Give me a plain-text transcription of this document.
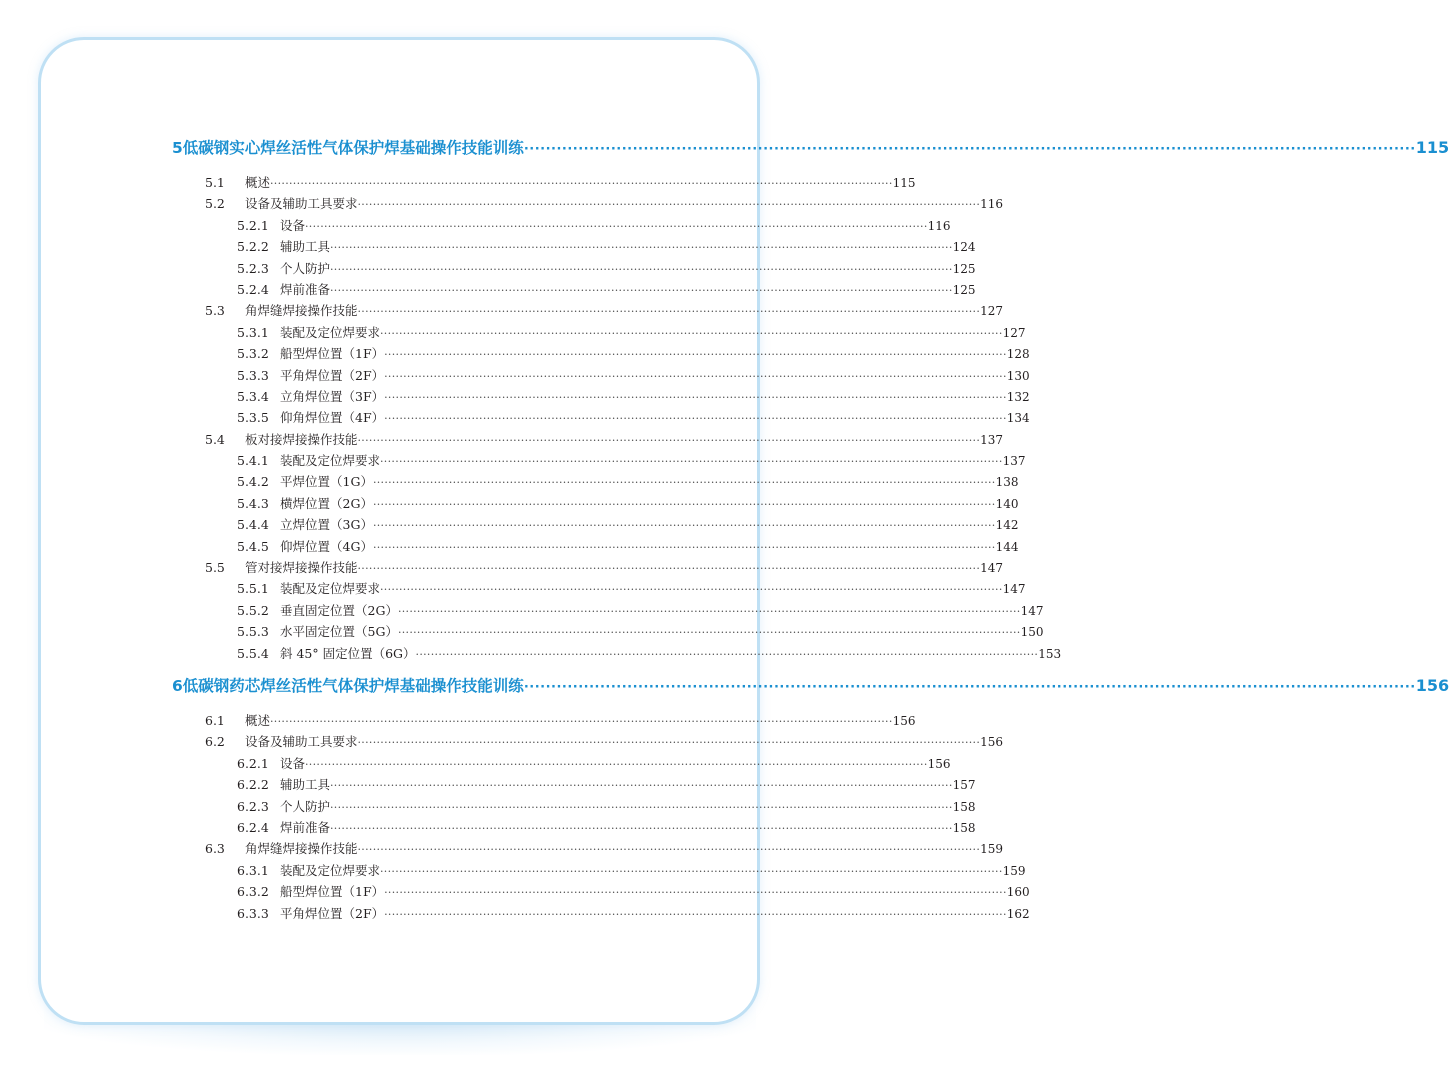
5 低碳钢实心焊丝活性气体保护焊基础操作技能训练 ···································································································································································· 115
5.1	概述 ···································································································································································· 115
5.2	设备及辅助工具要求 ···································································································································································· 116
5.2.1 设备 ···································································································································································· 116
5.2.2 辅助工具 ···································································································································································· 124
5.2.3 个人防护 ···································································································································································· 125
5.2.4 焊前准备 ···································································································································································· 125
5.3	角焊缝焊接操作技能 ···································································································································································· 127
5.3.1 装配及定位焊要求 ···································································································································································· 127
5.3.2 船型焊位置（1F） ···································································································································································· 128
5.3.3 平角焊位置（2F） ···································································································································································· 130
5.3.4 立角焊位置（3F） ···································································································································································· 132
5.3.5 仰角焊位置（4F） ···································································································································································· 134
5.4	板对接焊接操作技能 ···································································································································································· 137
5.4.1 装配及定位焊要求 ···································································································································································· 137
5.4.2 平焊位置（1G） ···································································································································································· 138
5.4.3 横焊位置（2G） ···································································································································································· 140
5.4.4 立焊位置（3G） ···································································································································································· 142
5.4.5 仰焊位置（4G） ···································································································································································· 144
5.5	管对接焊接操作技能 ···································································································································································· 147
5.5.1 装配及定位焊要求 ···································································································································································· 147
5.5.2 垂直固定位置（2G） ···································································································································································· 147
5.5.3 水平固定位置（5G） ···································································································································································· 150
5.5.4 斜 45° 固定位置（6G） ···································································································································································· 153
6 低碳钢药芯焊丝活性气体保护焊基础操作技能训练 ···································································································································································· 156
6.1	概述 ···································································································································································· 156
6.2	设备及辅助工具要求 ···································································································································································· 156
6.2.1 设备 ···································································································································································· 156
6.2.2 辅助工具 ···································································································································································· 157
6.2.3 个人防护 ···································································································································································· 158
6.2.4 焊前准备 ···································································································································································· 158
6.3	角焊缝焊接操作技能 ···································································································································································· 159
6.3.1 装配及定位焊要求 ···································································································································································· 159
6.3.2 船型焊位置（1F） ···································································································································································· 160
6.3.3 平角焊位置（2F） ···································································································································································· 162
